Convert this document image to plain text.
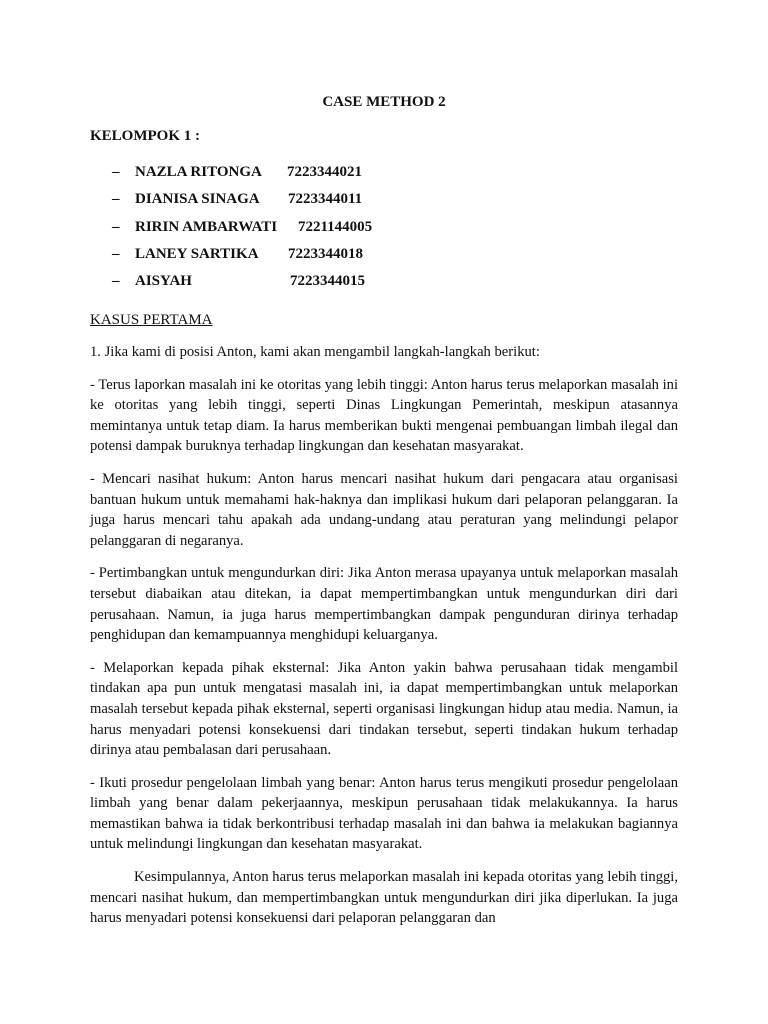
CASE METHOD 2
KELOMPOK 1 :
– NAZLA RITONGA 7223344021
– DIANISA SINAGA 7223344011
– RIRIN AMBARWATI 7221144005
– LANEY SARTIKA 7223344018
– AISYAH	7223344015
KASUS PERTAMA

1. Jika kami di posisi Anton, kami akan mengambil langkah-langkah berikut:

- Terus laporkan masalah ini ke otoritas yang lebih tinggi: Anton harus terus melaporkan masalah ini ke otoritas yang lebih tinggi, seperti Dinas Lingkungan Pemerintah, meskipun atasannya memintanya untuk tetap diam. Ia harus memberikan bukti mengenai pembuangan limbah ilegal dan potensi dampak buruknya terhadap lingkungan dan kesehatan masyarakat.

- Mencari nasihat hukum: Anton harus mencari nasihat hukum dari pengacara atau organisasi bantuan hukum untuk memahami hak-haknya dan implikasi hukum dari pelaporan pelanggaran. Ia juga harus mencari tahu apakah ada undang-undang atau peraturan yang melindungi pelapor pelanggaran di negaranya.

- Pertimbangkan untuk mengundurkan diri: Jika Anton merasa upayanya untuk melaporkan masalah tersebut diabaikan atau ditekan, ia dapat mempertimbangkan untuk mengundurkan diri dari perusahaan. Namun, ia juga harus mempertimbangkan dampak pengunduran dirinya terhadap penghidupan dan kemampuannya menghidupi keluarganya.

- Melaporkan kepada pihak eksternal: Jika Anton yakin bahwa perusahaan tidak mengambil tindakan apa pun untuk mengatasi masalah ini, ia dapat mempertimbangkan untuk melaporkan masalah tersebut kepada pihak eksternal, seperti organisasi lingkungan hidup atau media. Namun, ia harus menyadari potensi konsekuensi dari tindakan tersebut, seperti tindakan hukum terhadap dirinya atau pembalasan dari perusahaan.

- Ikuti prosedur pengelolaan limbah yang benar: Anton harus terus mengikuti prosedur pengelolaan limbah yang benar dalam pekerjaannya, meskipun perusahaan tidak melakukannya. Ia harus memastikan bahwa ia tidak berkontribusi terhadap masalah ini dan bahwa ia melakukan bagiannya untuk melindungi lingkungan dan kesehatan masyarakat.

Kesimpulannya, Anton harus terus melaporkan masalah ini kepada otoritas yang lebih tinggi, mencari nasihat hukum, dan mempertimbangkan untuk mengundurkan diri jika diperlukan. Ia juga harus menyadari potensi konsekuensi dari pelaporan pelanggaran dan
